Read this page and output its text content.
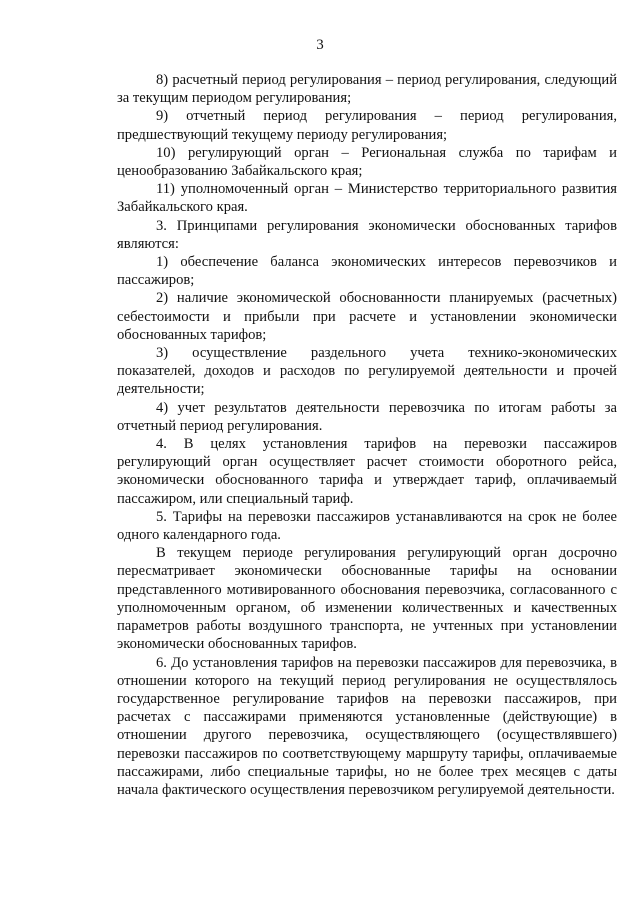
3

8) расчетный период регулирования – период регулирования, следующий за текущим периодом регулирования;

9) отчетный период регулирования – период регулирования, предшествующий текущему периоду регулирования;

10) регулирующий орган – Региональная служба по тарифам и ценообразованию Забайкальского края;

11) уполномоченный орган – Министерство территориального развития Забайкальского края.

3. Принципами регулирования экономически обоснованных тарифов являются:

1) обеспечение баланса экономических интересов перевозчиков и пассажиров;

2) наличие экономической обоснованности планируемых (расчетных) себестоимости и прибыли при расчете и установлении экономически обоснованных тарифов;

3) осуществление раздельного учета технико-экономических показателей, доходов и расходов по регулируемой деятельности и прочей деятельности;

4) учет результатов деятельности перевозчика по итогам работы за отчетный период регулирования.

4. В целях установления тарифов на перевозки пассажиров регулирующий орган осуществляет расчет стоимости оборотного рейса, экономически обоснованного тарифа и утверждает тариф, оплачиваемый пассажиром, или специальный тариф.

5. Тарифы на перевозки пассажиров устанавливаются на срок не более одного календарного года.

В текущем периоде регулирования регулирующий орган досрочно пересматривает экономически обоснованные тарифы на основании представленного мотивированного обоснования перевозчика, согласованного с уполномоченным органом, об изменении количественных и качественных параметров работы воздушного транспорта, не учтенных при установлении экономически обоснованных тарифов.

6. До установления тарифов на перевозки пассажиров для перевозчика, в отношении которого на текущий период регулирования не осуществлялось государственное регулирование тарифов на перевозки пассажиров, при расчетах с пассажирами применяются установленные (действующие) в отношении другого перевозчика, осуществляющего (осуществлявшего) перевозки пассажиров по соответствующему маршруту тарифы, оплачиваемые пассажирами, либо специальные тарифы, но не более трех месяцев с даты начала фактического осуществления перевозчиком регулируемой деятельности.
